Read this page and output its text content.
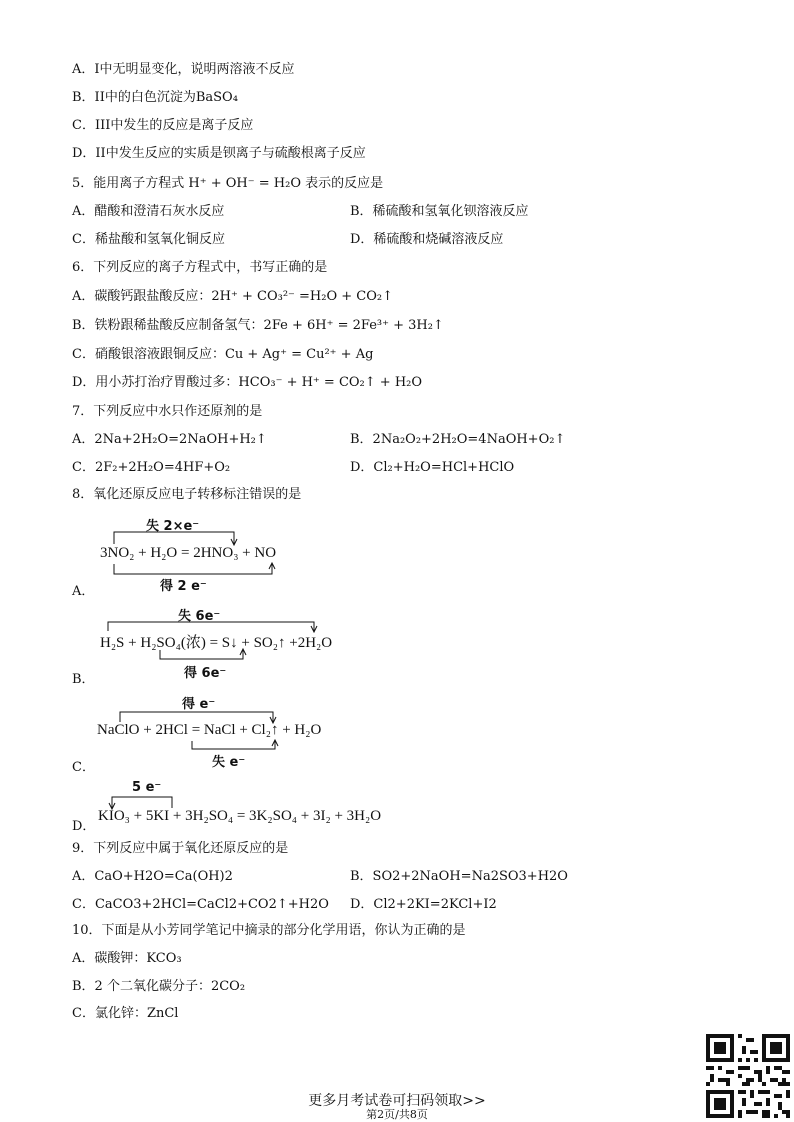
A．I中无明显变化，说明两溶液不反应
B．II中的白色沉淀为BaSO₄
C．III中发生的反应是离子反应
D．II中发生反应的实质是钡离子与硫酸根离子反应
5．能用离子方程式 H⁺ + OH⁻ = H₂O 表示的反应是
A．醋酸和澄清石灰水反应	B．稀硫酸和氢氧化钡溶液反应
C．稀盐酸和氢氧化铜反应	D．稀硫酸和烧碱溶液反应
6．下列反应的离子方程式中，书写正确的是
A．碳酸钙跟盐酸反应：2H⁺ + CO₃²⁻ =H₂O + CO₂↑
B．铁粉跟稀盐酸反应制备氢气：2Fe + 6H⁺ = 2Fe³⁺ + 3H₂↑
C．硝酸银溶液跟铜反应：Cu + Ag⁺ = Cu²⁺ + Ag
D．用小苏打治疗胃酸过多：HCO₃⁻ + H⁺ = CO₂↑ + H₂O
7．下列反应中水只作还原剂的是
A．2Na+2H₂O=2NaOH+H₂↑	B．2Na₂O₂+2H₂O=4NaOH+O₂↑
C．2F₂+2H₂O=4HF+O₂	D．Cl₂+H₂O=HCl+HClO
8．氧化还原反应电子转移标注错误的是
失 2×e⁻
3NO₂ + H₂O = 2HNO₃ + NO
得 2 e⁻
A．
失 6e⁻
H₂S + H₂SO₄(浓) = S↓ + SO₂↑ +2H₂O
得 6e⁻
B．
得 e⁻
NaClO + 2HCl = NaCl + Cl₂↑ + H₂O
失 e⁻
C．
5 e⁻
KIO₃ + 5KI + 3H₂SO₄ = 3K₂SO₄ + 3I₂ + 3H₂O
D．
9．下列反应中属于氧化还原反应的是
A．CaO+H2O=Ca(OH)2	B．SO2+2NaOH=Na2SO3+H2O
C．CaCO3+2HCl=CaCl2+CO2↑+H2O D．Cl2+2KI=2KCl+I2
10．下面是从小芳同学笔记中摘录的部分化学用语，你认为正确的是
A．碳酸钾：KCO₃
B．2 个二氧化碳分子：2CO₂
C．氯化锌：ZnCl
更多月考试卷可扫码领取>>
第2页/共8页
